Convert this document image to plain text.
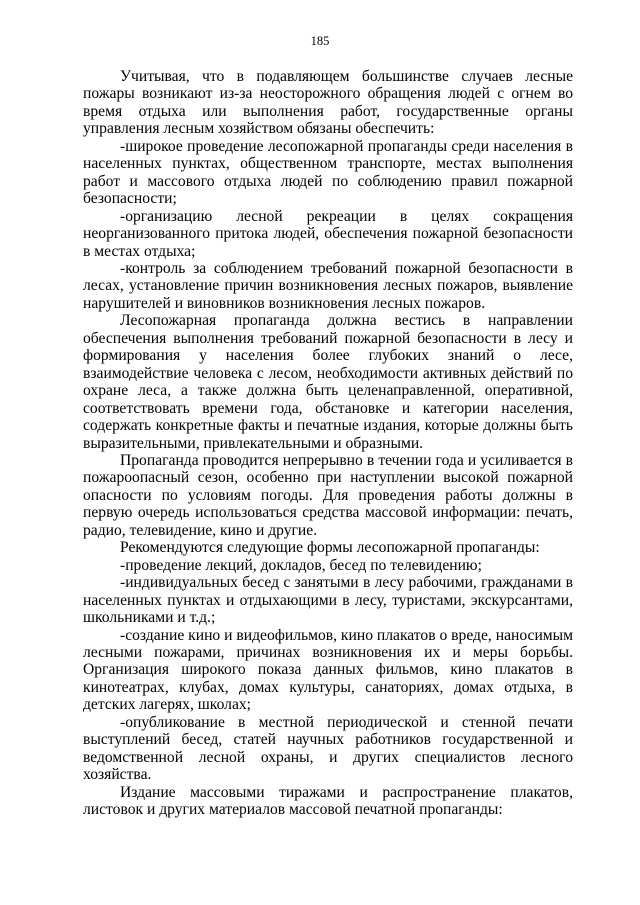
185

Учитывая, что в подавляющем большинстве случаев лесные пожары возникают из-за неосторожного обращения людей с огнем во время отдыха или выполнения работ, государственные органы управления лесным хозяйством обязаны обеспечить:

-широкое проведение лесопожарной пропаганды среди населения в населенных пунктах, общественном транспорте, местах выполнения работ и массового отдыха людей по соблюдению правил пожарной безопасности;

-организацию лесной рекреации в целях сокращения неорганизованного притока людей, обеспечения пожарной безопасности в местах отдыха;

-контроль за соблюдением требований пожарной безопасности в лесах, установление причин возникновения лесных пожаров, выявление нарушителей и виновников возникновения лесных пожаров.

Лесопожарная пропаганда должна вестись в направлении обеспечения выполнения требований пожарной безопасности в лесу и формирования у населения более глубоких знаний о лесе, взаимодействие человека с лесом, необходимости активных действий по охране леса, а также должна быть целенаправленной, оперативной, соответствовать времени года, обстановке и категории населения, содержать конкретные факты и печатные издания, которые должны быть выразительными, привлекательными и образными.

Пропаганда проводится непрерывно в течении года и усиливается в пожароопасный сезон, особенно при наступлении высокой пожарной опасности по условиям погоды. Для проведения работы должны в первую очередь использоваться средства массовой информации: печать, радио, телевидение, кино и другие.

Рекомендуются следующие формы лесопожарной пропаганды:

-проведение лекций, докладов, бесед по телевидению;

-индивидуальных бесед с занятыми в лесу рабочими, гражданами в населенных пунктах и отдыхающими в лесу, туристами, экскурсантами, школьниками и т.д.;

-создание кино и видеофильмов, кино плакатов о вреде, наносимым лесными пожарами, причинах возникновения их и меры борьбы. Организация широкого показа данных фильмов, кино плакатов в кинотеатрах, клубах, домах культуры, санаториях, домах отдыха, в детских лагерях, школах;

-опубликование в местной периодической и стенной печати выступлений бесед, статей научных работников государственной и ведомственной лесной охраны, и других специалистов лесного хозяйства.

Издание массовыми тиражами и распространение плакатов, листовок и других материалов массовой печатной пропаганды:
